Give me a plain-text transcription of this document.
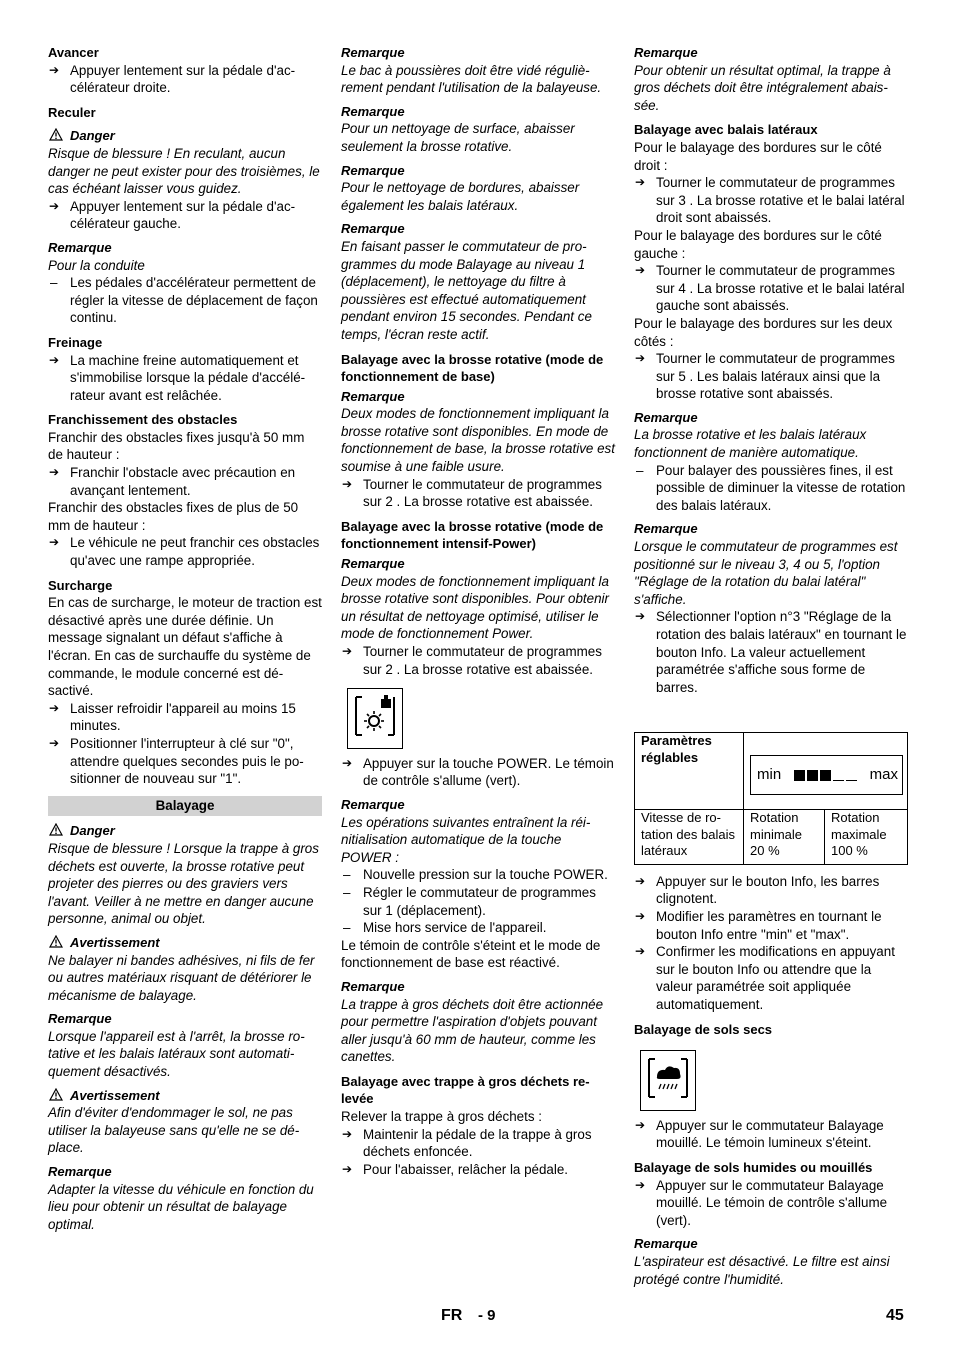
Avancer
➔ Appuyer lentement sur la pédale d'accélérateur droite.
Reculer
Danger
Risque de blessure ! En reculant, aucun danger ne peut exister pour des troisièmes, le cas échéant laisser vous guidez.
➔ Appuyer lentement sur la pédale d'accélérateur gauche.
Remarque
Pour la conduite
– Les pédales d'accélérateur permettent de régler la vitesse de déplacement de façon continu.
Freinage
➔ La machine freine automatiquement et s'immobilise lorsque la pédale d'accélérateur avant est relâchée.
Franchissement des obstacles
Franchir des obstacles fixes jusqu'à 50 mm de hauteur :
➔ Franchir l'obstacle avec précaution en avançant lentement.
Franchir des obstacles fixes de plus de 50 mm de hauteur :
➔ Le véhicule ne peut franchir ces obstacles qu'avec une rampe appropriée.
Surcharge
En cas de surcharge, le moteur de traction est désactivé après une durée définie. Un message signalant un défaut s'affiche à l'écran. En cas de surchauffe du système de commande, le module concerné est désactivé.
➔ Laisser refroidir l'appareil au moins 15 minutes.
➔ Positionner l'interrupteur à clé sur "0", attendre quelques secondes puis le positionner de nouveau sur "1".
Balayage
Danger
Risque de blessure ! Lorsque la trappe à gros déchets est ouverte, la brosse rotative peut projeter des pierres ou des graviers vers l'avant. Veiller à ne mettre en danger aucune personne, animal ou objet.
Avertissement
Ne balayer ni bandes adhésives, ni fils de fer ou autres matériaux risquant de détériorer le mécanisme de balayage.
Remarque
Lorsque l'appareil est à l'arrêt, la brosse rotative et les balais latéraux sont automatiquement désactivés.
Avertissement
Afin d'éviter d'endommager le sol, ne pas utiliser la balayeuse sans qu'elle ne se déplace.
Remarque
Adapter la vitesse du véhicule en fonction du lieu pour obtenir un résultat de balayage optimal.
Remarque
Le bac à poussières doit être vidé régulièrement pendant l'utilisation de la balayeuse.
Remarque
Pour un nettoyage de surface, abaisser seulement la brosse rotative.
Remarque
Pour le nettoyage de bordures, abaisser également les balais latéraux.
Remarque
En faisant passer le commutateur de programmes du mode Balayage au niveau 1 (déplacement), le nettoyage du filtre à poussières est effectué automatiquement pendant environ 15 secondes. Pendant ce temps, l'écran reste actif.
Balayage avec la brosse rotative (mode de fonctionnement de base)
Remarque
Deux modes de fonctionnement impliquant la brosse rotative sont disponibles. En mode de fonctionnement de base, la brosse rotative est soumise à une faible usure.
➔ Tourner le commutateur de programmes sur 2 . La brosse rotative est abaissée.
Balayage avec la brosse rotative (mode de fonctionnement intensif-Power)
Remarque
Deux modes de fonctionnement impliquant la brosse rotative sont disponibles. Pour obtenir un résultat de nettoyage optimisé, utiliser le mode de fonctionnement Power.
➔ Tourner le commutateur de programmes sur 2 . La brosse rotative est abaissée.
➔ Appuyer sur la touche POWER. Le témoin de contrôle s'allume (vert).
Remarque
Les opérations suivantes entraînent la réinitialisation automatique de la touche POWER :
– Nouvelle pression sur la touche POWER.
– Régler le commutateur de programmes sur 1 (déplacement).
– Mise hors service de l'appareil.
Le témoin de contrôle s'éteint et le mode de fonctionnement de base est réactivé.
Remarque
La trappe à gros déchets doit être actionnée pour permettre l'aspiration d'objets pouvant aller jusqu'à 60 mm de hauteur, comme les canettes.
Balayage avec trappe à gros déchets relevée
Relever la trappe à gros déchets :
➔ Maintenir la pédale de la trappe à gros déchets enfoncée.
➔ Pour l'abaisser, relâcher la pédale.
Remarque
Pour obtenir un résultat optimal, la trappe à gros déchets doit être intégralement abaissée.
Balayage avec balais latéraux
Pour le balayage des bordures sur le côté droit :
➔ Tourner le commutateur de programmes sur 3 . La brosse rotative et le balai latéral droit sont abaissés.
Pour le balayage des bordures sur le côté gauche :
➔ Tourner le commutateur de programmes sur 4 . La brosse rotative et le balai latéral gauche sont abaissés.
Pour le balayage des bordures sur les deux côtés :
➔ Tourner le commutateur de programmes sur 5 . Les balais latéraux ainsi que la brosse rotative sont abaissés.
Remarque
La brosse rotative et les balais latéraux fonctionnent de manière automatique.
– Pour balayer des poussières fines, il est possible de diminuer la vitesse de rotation des balais latéraux.
Remarque
Lorsque le commutateur de programmes est positionné sur le niveau 3, 4 ou 5, l'option "Réglage de la rotation du balai latéral" s'affiche.
➔ Sélectionner l'option n°3 "Réglage de la rotation des balais latéraux" en tournant le bouton Info. La valeur actuellement paramétrée s'affiche sous forme de barres.
Paramètres réglables	min max	

Vitesse de rotation des balais latéraux	Rotation minimale 20 %	Rotation maximale 100 %
➔ Appuyer sur le bouton Info, les barres clignotent.
➔ Modifier les paramètres en tournant le bouton Info entre "min" et "max".
➔ Confirmer les modifications en appuyant sur le bouton Info ou attendre que la valeur paramétrée soit appliquée automatiquement.
Balayage de sols secs
➔ Appuyer sur le commutateur Balayage mouillé. Le témoin lumineux s'éteint.
Balayage de sols humides ou mouillés
➔ Appuyer sur le commutateur Balayage mouillé. Le témoin de contrôle s'allume (vert).
Remarque
L'aspirateur est désactivé. Le filtre est ainsi protégé contre l'humidité.
FR - 9	45
